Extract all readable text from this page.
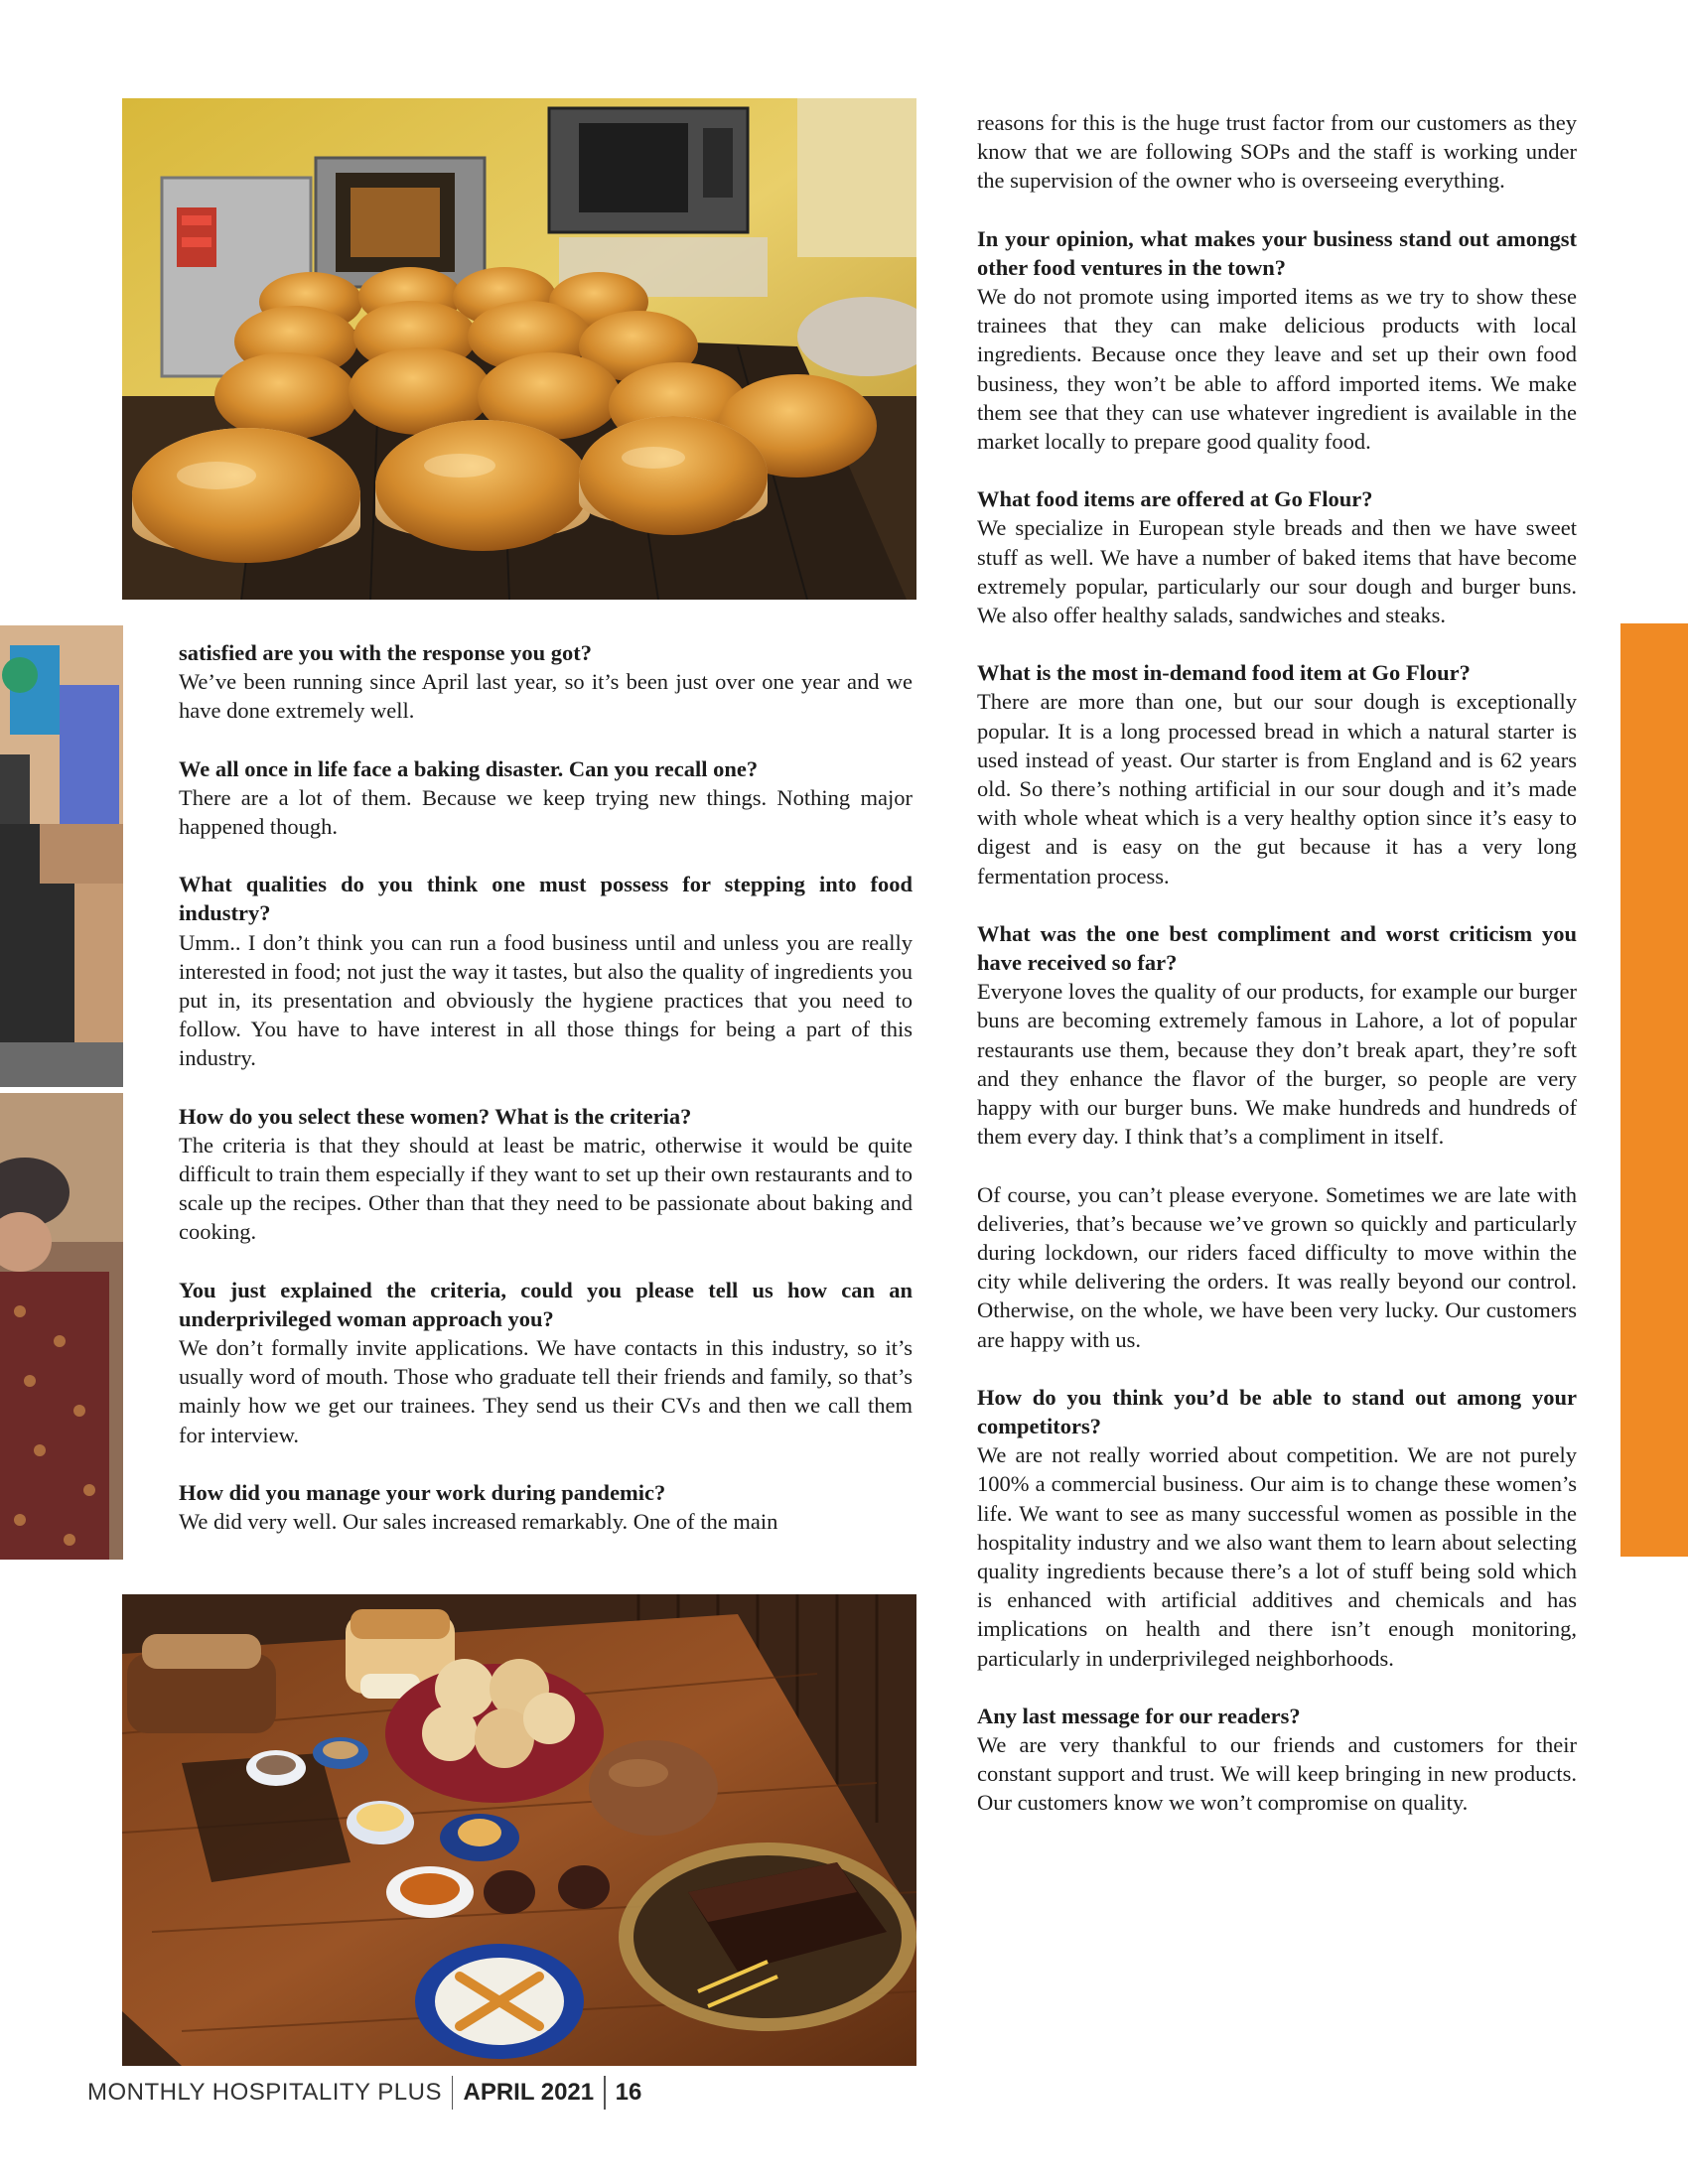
satisfied are you with the response you got?

We’ve been running since April last year, so it’s been just over one year and we have done extremely well.

We all once in life face a baking disaster. Can you recall one?

There are a lot of them. Because we keep trying new things. Nothing major happened though.

What qualities do you think one must possess for stepping into food industry?

Umm.. I don’t think you can run a food business until and unless you are really interested in food; not just the way it tastes, but also the quality of ingredients you put in, its presentation and obviously the hygiene practices that you need to follow. You have to have interest in all those things for being a part of this industry.

How do you select these women? What is the criteria?

The criteria is that they should at least be matric, otherwise it would be quite difficult to train them especially if they want to set up their own restaurants and to scale up the recipes. Other than that they need to be passionate about baking and cooking.

You just explained the criteria, could you please tell us how can an underprivileged woman approach you?

We don’t formally invite applications. We have contacts in this industry, so it’s usually word of mouth. Those who graduate tell their friends and family, so that’s mainly how we get our trainees. They send us their CVs and then we call them for interview.

How did you manage your work during pandemic?

We did very well. Our sales increased remarkably. One of the main

reasons for this is the huge trust factor from our customers as they know that we are following SOPs and the staff is working under the supervision of the owner who is overseeing everything.

In your opinion, what makes your business stand out amongst other food ventures in the town?

We do not promote using imported items as we try to show these trainees that they can make delicious products with local ingredients. Because once they leave and set up their own food business, they won’t be able to afford imported items. We make them see that they can use whatever ingredient is available in the market locally to prepare good quality food.

What food items are offered at Go Flour?

We specialize in European style breads and then we have sweet stuff as well. We have a number of baked items that have become extremely popular, particularly our sour dough and burger buns. We also offer healthy salads, sandwiches and steaks.

What is the most in-demand food item at Go Flour?

There are more than one, but our sour dough is exceptionally popular. It is a long processed bread in which a natural starter is used instead of yeast. Our starter is from England and is 62 years old. So there’s nothing artificial in our sour dough and it’s made with whole wheat which is a very healthy option since it’s easy to digest and is easy on the gut because it has a very long fermentation process.

What was the one best compliment and worst criticism you have received so far?

Everyone loves the quality of our products, for example our burger buns are becoming extremely famous in Lahore, a lot of popular restaurants use them, because they don’t break apart, they’re soft and they enhance the flavor of the burger, so people are very happy with our burger buns. We make hundreds and hundreds of them every day. I think that’s a compliment in itself.

Of course, you can’t please everyone. Sometimes we are late with deliveries, that’s because we’ve grown so quickly and particularly during lockdown, our riders faced difficulty to move within the city while delivering the orders. It was really beyond our control. Otherwise, on the whole, we have been very lucky. Our customers are happy with us.

How do you think you’d be able to stand out among your competitors?

We are not really worried about competition. We are not purely 100% a commercial business. Our aim is to change these women’s life. We want to see as many successful women as possible in the hospitality industry and we also want them to learn about selecting quality ingredients because there’s a lot of stuff being sold which is enhanced with artificial additives and chemicals and has implications on health and there isn’t enough monitoring, particularly in underprivileged neighborhoods.

Any last message for our readers?

We are very thankful to our friends and customers for their constant support and trust. We will keep bringing in new products. Our customers know we won’t compromise on quality.

MONTHLY HOSPITALITY PLUS APRIL 2021 16
